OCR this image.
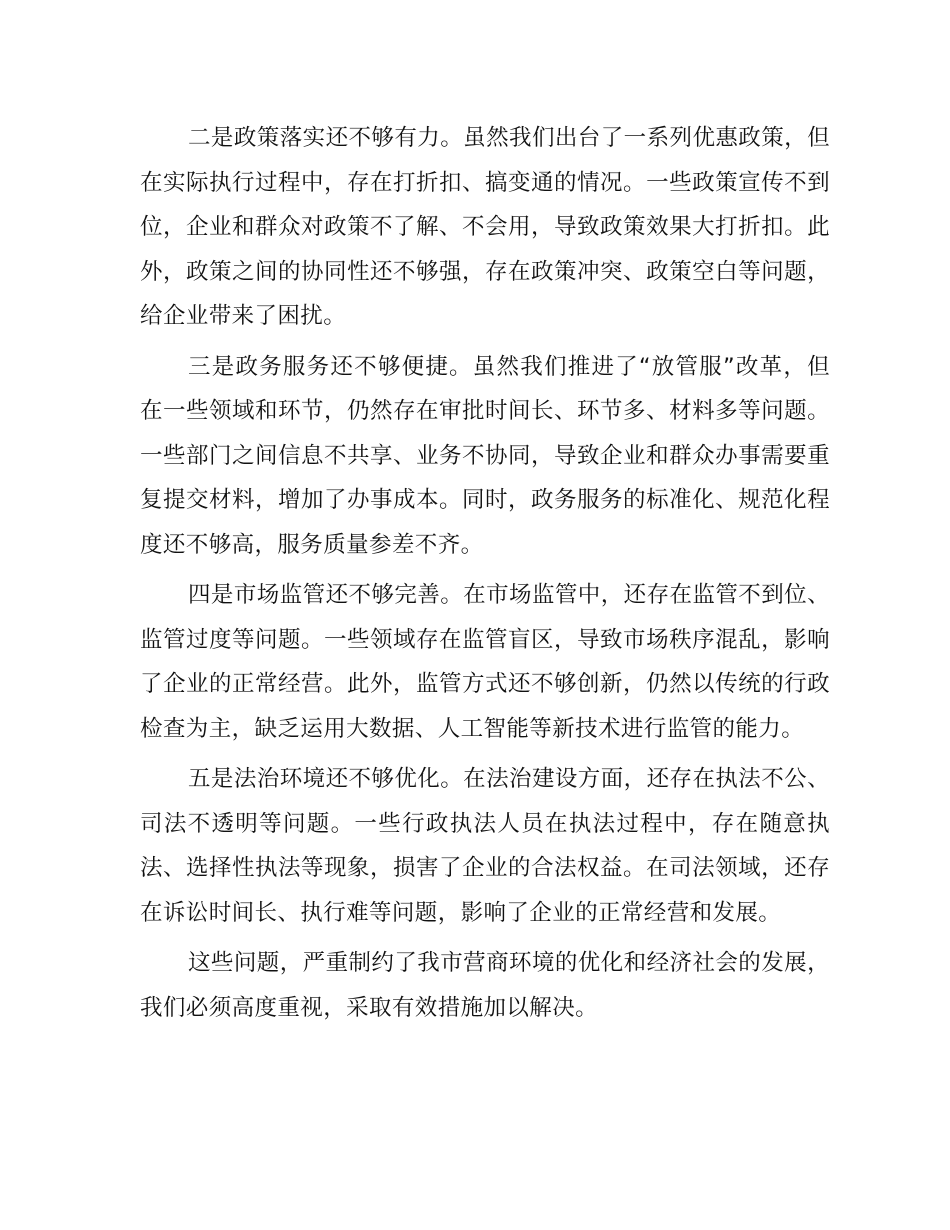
二是政策落实还不够有力。虽然我们出台了一系列优惠政策，但在实际执行过程中，存在打折扣、搞变通的情况。一些政策宣传不到位，企业和群众对政策不了解、不会用，导致政策效果大打折扣。此外，政策之间的协同性还不够强，存在政策冲突、政策空白等问题，给企业带来了困扰。

三是政务服务还不够便捷。虽然我们推进了“放管服”改革，但在一些领域和环节，仍然存在审批时间长、环节多、材料多等问题。一些部门之间信息不共享、业务不协同，导致企业和群众办事需要重复提交材料，增加了办事成本。同时，政务服务的标准化、规范化程度还不够高，服务质量参差不齐。

四是市场监管还不够完善。在市场监管中，还存在监管不到位、监管过度等问题。一些领域存在监管盲区，导致市场秩序混乱，影响了企业的正常经营。此外，监管方式还不够创新，仍然以传统的行政检查为主，缺乏运用大数据、人工智能等新技术进行监管的能力。

五是法治环境还不够优化。在法治建设方面，还存在执法不公、司法不透明等问题。一些行政执法人员在执法过程中，存在随意执法、选择性执法等现象，损害了企业的合法权益。在司法领域，还存在诉讼时间长、执行难等问题，影响了企业的正常经营和发展。

这些问题，严重制约了我市营商环境的优化和经济社会的发展，我们必须高度重视，采取有效措施加以解决。
